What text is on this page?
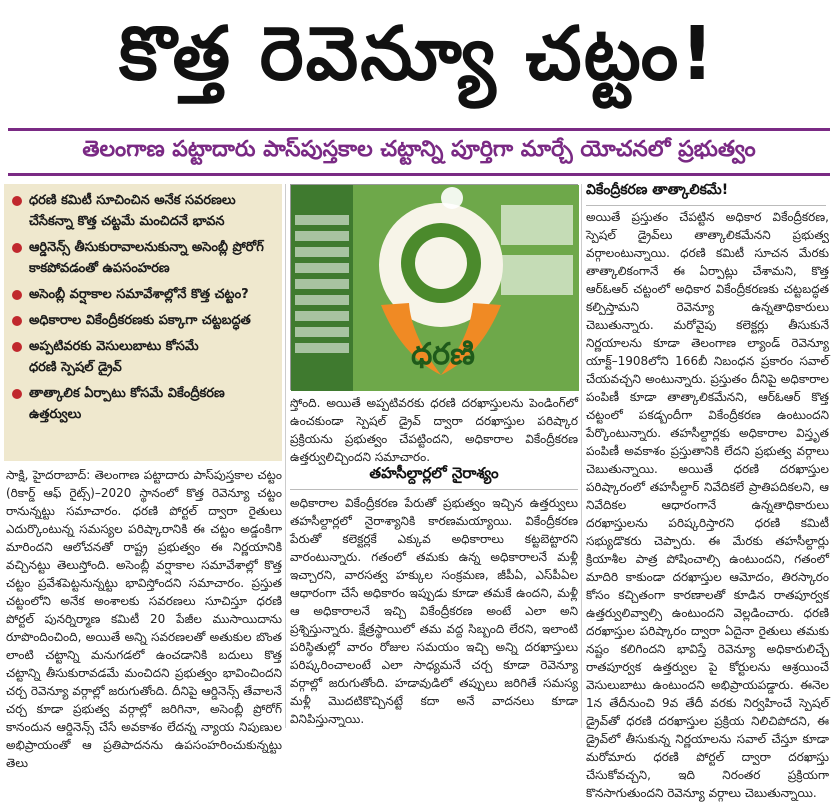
కొత్త రెవెన్యూ చట్టం!
తెలంగాణ పట్టాదారు పాస్‌పుస్తకాల చట్టాన్ని పూర్తిగా మార్చే యోచనలో ప్రభుత్వం
ధరణి కమిటీ సూచించిన అనేక సవరణలు చేసేకన్నా కొత్త చట్టమే మంచిదనే భావన
ఆర్డినెన్స్‌ తీసుకురావాలనుకున్నా అసెంబ్లీ ప్రోరోగ్‌ కాకపోవడంతో ఉపసంహరణ
అసెంబ్లీ వర్షాకాల సమావేశాల్లోనే కొత్త చట్టం?
అధికారాల వికేంద్రీకరణకు పక్కాగా చట్టబద్ధత
అప్పటివరకు వెసులుబాటు కోసమే
ధరణి స్పెషల్‌ డ్రైవ్‌
తాత్కాలిక ఏర్పాటు కోసమే వికేంద్రీకరణ ఉత్తర్వులు
ధరణి
సాక్షి, హైదరాబాద్‌: తెలంగాణ పట్టాదారు పాస్‌పుస్తకాల చట్టం (రికార్డ్‌ ఆఫ్‌ రైట్స్‌)–2020 స్థానంలో కొత్త రెవెన్యూ చట్టం రానున్నట్టు సమాచారం. ధరణి పోర్టల్‌ ద్వారా రైతులు ఎదుర్కొంటున్న సమస్యల పరిష్కారానికి ఈ చట్టం అడ్డంకిగా మారిందని ఆలోచనతో రాష్ట్ర ప్రభుత్వం ఈ నిర్ణయానికి వచ్చినట్టు తెలుస్తోంది. అసెంబ్లీ వర్షాకాల సమావేశాల్లో కొత్త చట్టం ప్రవేశపెట్టనున్నట్టు భావిస్తోందని సమాచారం. ప్రస్తుత చట్టంలోని అనేక అంశాలకు సవరణలు సూచిస్తూ ధరణి పోర్టల్‌ పునర్నిర్మాణ కమిటీ 20 పేజీల ముసాయిదాను రూపొందించింది, అయితే అన్ని సవరణలతో అతుకుల బొంత లాంటి చట్టాన్ని మనుగడలో ఉంచడానికి బదులు కొత్త చట్టాన్ని తీసుకురావడమే మంచిదని ప్రభుత్వం భావించిందని చర్చ రెవెన్యూ వర్గాల్లో జరుగుతోంది. దీనిపై ఆర్డినెన్స్‌ తేవాలనే చర్చ కూడా ప్రభుత్వ వర్గాల్లో జరిగినా, అసెంబ్లీ ప్రోరోగ్‌ కానందున ఆర్డినెన్స్‌ చేసే అవకాశం లేదన్న న్యాయ నిపుణుల అభిప్రాయంతో ఆ ప్రతిపాదనను ఉపసంహరించుకున్నట్టు తెలు
స్తోంది. అయితే అప్పటివరకు ధరణి దరఖాస్తులను పెండింగ్‌లో ఉంచకుండా స్పెషల్‌ డ్రైవ్‌ ద్వారా దరఖాస్తుల పరిష్కార ప్రక్రియను ప్రభుత్వం చేపట్టిందని, అధికారాల వికేంద్రీకరణ ఉత్తర్వులిచ్చిందని సమాచారం.
తహసీల్దార్లలో నైరాశ్యం
అధికారాల వికేంద్రీకరణ పేరుతో ప్రభుత్వం ఇచ్చిన ఉత్తర్వులు తహసీల్దార్లలో నైరాశ్యానికి కారణమయ్యాయి. వికేంద్రీకరణ పేరుతో కలెక్టర్లకే ఎక్కువ అధికారాలు కట్టబెట్టారని వారంటున్నారు. గతంలో తమకు ఉన్న అధికారాలనే మళ్లీ ఇచ్చారని, వారసత్వ హక్కుల సంక్రమణ, జీపీఏ, ఎస్‌పీఏల ఆధారంగా చేసే అధికారం ఇప్పుడు కూడా తమకే ఉందని, మళ్లీ ఆ అధికారాలనే ఇచ్చి వికేంద్రీకరణ అంటే ఎలా అని ప్రశ్నిస్తున్నారు. క్షేత్రస్థాయిలో తమ వద్ద సిబ్బంది లేరని, ఇలాంటి పరిస్థితుల్లో వారం రోజుల సమయం ఇచ్చి అన్ని దరఖాస్తులు పరిష్కరించాలంటే ఎలా సాధ్యమనే చర్చ కూడా రెవెన్యూ వర్గాల్లో జరుగుతోంది. హడావుడిలో తప్పులు జరిగితే సమస్య మళ్లీ మొదటికొచ్చినట్టే కదా అనే వాదనలు కూడా వినిపిస్తున్నాయి.
వికేంద్రీకరణ తాత్కాలికమే!
అయితే ప్రస్తుతం చేపట్టిన అధికార వికేంద్రీకరణ, స్పెషల్‌ డ్రైవ్‌లు తాత్కాలికమేనని ప్రభుత్వ వర్గాలంటున్నాయి. ధరణి కమిటీ సూచన మేరకు తాత్కాలికంగానే ఈ ఏర్పాట్లు చేశామని, కొత్త ఆర్‌ఓఆర్‌ చట్టంలో అధికార వికేంద్రీకరణకు చట్టబద్ధత కల్పిస్తామని రెవెన్యూ ఉన్నతాధికారులు చెబుతున్నారు. మరోవైపు కలెక్టర్లు తీసుకునే నిర్ణయాలను కూడా తెలంగాణ ల్యాండ్‌ రెవెన్యూ యాక్ట్‌–1908లోని 166బీ నిబంధన ప్రకారం సవాల్‌ చేయవచ్చని అంటున్నారు. ప్రస్తుతం దీనిపై అధికారాల పంపిణీ కూడా తాత్కాలికమేనని, ఆర్‌ఓఆర్‌ కొత్త చట్టంలో పకడ్బందీగా వికేంద్రీకరణ ఉంటుందని పేర్కొంటున్నారు. తహసీల్దార్లకు అధికారాల విస్తృత పంపిణీ అవకాశం ప్రస్తుతానికి లేదని ప్రభుత్వ వర్గాలు చెబుతున్నాయి. అయితే ధరణి దరఖాస్తుల పరిష్కారంలో తహసీల్దార్‌ నివేదికలే ప్రాతిపదికలని, ఆ నివేదికల ఆధారంగానే ఉన్నతాధికారులు దరఖాస్తులను పరిష్కరిస్తారని ధరణి కమిటీ సభ్యుడొకరు చెప్పారు. ఈ మేరకు తహసీల్దార్లు క్రియాశీల పాత్ర పోషించాల్సి ఉంటుందని, గతంలో మాదిరి కాకుండా దరఖాస్తుల ఆమోదం, తిరస్కారం కోసం కచ్చితంగా కారణాలతో కూడిన రాతపూర్వక ఉత్తర్వులివ్వాల్సి ఉంటుందని వెల్లడించారు. ధరణి దరఖాస్తుల పరిష్కారం ద్వారా ఏదైనా రైతులు తమకు నష్టం కలిగిందని భావిస్తే రెవెన్యూ అధికారులిచ్చే రాతపూర్వక ఉత్తర్వుల పై కోర్టులను ఆశ్రయించే వెసులుబాటు ఉంటుందని అభిప్రాయపడ్డారు. ఈనెల 1న తేదీనుంచి 9వ తేదీ వరకు నిర్వహించే స్పెషల్‌ డ్రైవ్‌తో ధరణి దరఖాస్తుల ప్రక్రియ నిలిచిపోదని, ఈ డ్రైవ్‌లో తీసుకున్న నిర్ణయాలను సవాల్‌ చేస్తూ కూడా మరోమారు ధరణి పోర్టల్‌ ద్వారా దరఖాస్తు చేసుకోవచ్చని, ఇది నిరంతర ప్రక్రియగా కొనసాగుతుందని రెవెన్యూ వర్గాలు చెబుతున్నాయి.
